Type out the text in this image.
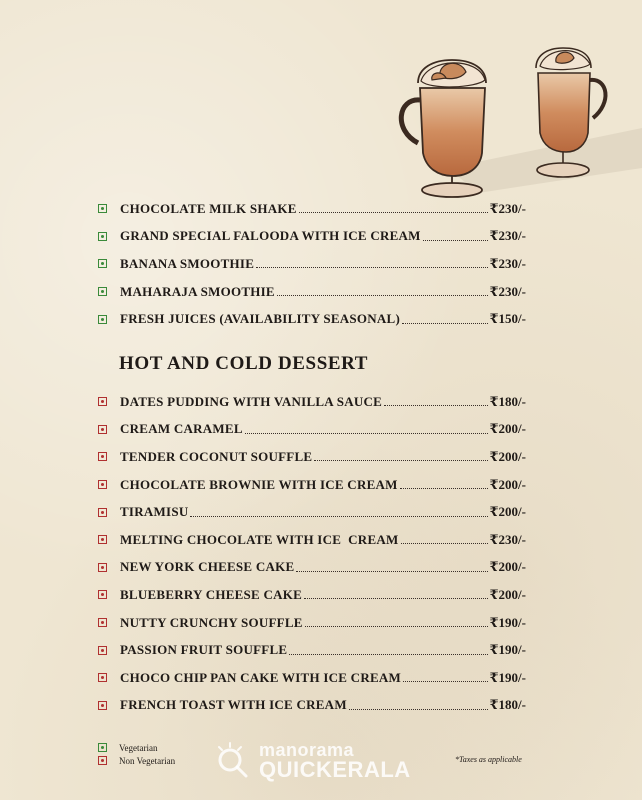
CHOCOLATE MILK SHAKE	₹230/-
GRAND SPECIAL FALOODA WITH ICE CREAM	₹230/-
BANANA SMOOTHIE	₹230/-
MAHARAJA SMOOTHIE	₹230/-
FRESH JUICES (AVAILABILITY SEASONAL)	₹150/-
HOT AND COLD DESSERT
DATES PUDDING WITH VANILLA SAUCE	₹180/-
CREAM CARAMEL	₹200/-
TENDER COCONUT SOUFFLE	₹200/-
CHOCOLATE BROWNIE WITH ICE CREAM	₹200/-
TIRAMISU	₹200/-
MELTING CHOCOLATE WITH ICE  CREAM	₹230/-
NEW YORK CHEESE CAKE	₹200/-
BLUEBERRY CHEESE CAKE	₹200/-
NUTTY CRUNCHY SOUFFLE	₹190/-
PASSION FRUIT SOUFFLE	₹190/-
CHOCO CHIP PAN CAKE WITH ICE CREAM	₹190/-
FRENCH TOAST WITH ICE CREAM	₹180/-
Vegetarian
Non Vegetarian
manorama
QUICKERALA	*Taxes as applicable
